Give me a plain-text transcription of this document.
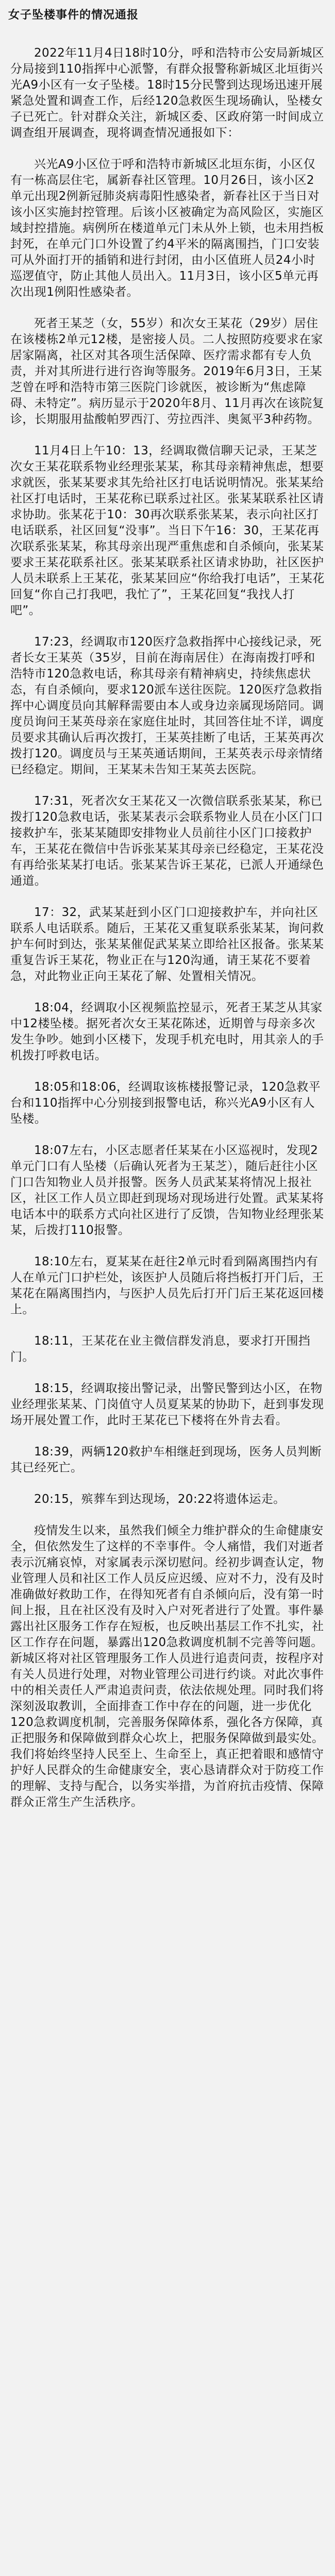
女子坠楼事件的情况通报

2022年11月4日18时10分，呼和浩特市公安局新城区分局接到110指挥中心派警，有群众报警称新城区北垣街兴光A9小区有一女子坠楼。18时15分民警到达现场迅速开展紧急处置和调查工作，后经120急救医生现场确认，坠楼女子已死亡。针对群众关注，新城区委、区政府第一时间成立调查组开展调查，现将调查情况通报如下：

兴光A9小区位于呼和浩特市新城区北垣东街，小区仅有一栋高层住宅，属新春社区管理。10月26日，该小区2单元出现2例新冠肺炎病毒阳性感染者，新春社区于当日对该小区实施封控管理。后该小区被确定为高风险区，实施区域封控措施。病例所在楼道单元门未从外上锁，也未用挡板封死，在单元门口外设置了约4平米的隔离围挡，门口安装可从外面打开的插销和进行封闭，由小区值班人员24小时巡逻值守，防止其他人员出入。11月3日，该小区5单元再次出现1例阳性感染者。

死者王某芝（女，55岁）和次女王某花（29岁）居住在该楼栋2单元12楼，是密接人员。二人按照防疫要求在家居家隔离，社区对其各项生活保障、医疗需求都有专人负责，并对其所进行进行咨询等服务。2019年6月3日，王某芝曾在呼和浩特市第三医院门诊就医，被诊断为“焦虑障碍、未特定”。病历显示于2020年8月、11月再次在该院复诊，长期服用盐酸帕罗西汀、劳拉西泮、奥氮平3种药物。

11月4日上午10：13，经调取微信聊天记录，王某芝次女王某花联系物业经理张某某，称其母亲精神焦虑，想要求就医，张某某要求其先给社区打电话说明情况。张某某给社区打电话时，王某花称已联系过社区。张某某联系社区请求协助。张某花于10：30再次联系张某某，表示向社区打电话联系，社区回复“没事”。当日下午16：30，王某花再次联系张某某，称其母亲出现严重焦虑和自杀倾向，张某某要求王某花联系社区。张某某联系社区请求协助，社区医护人员未联系上王某花，张某某回应“你给我打电话”，王某花回复“你自己打我吧，我忙了”，王某花回复“我找人打吧”。

17:23，经调取市120医疗急救指挥中心接线记录，死者长女王某英（35岁，目前在海南居住）在海南拨打呼和浩特市120急救电话，称其母亲有精神病史，持续焦虑状态，有自杀倾向，要求120派车送往医院。120医疗急救指挥中心调度员向其解释需要由本人或身边亲属现场陪同。调度员询问王某英母亲在家庭住址时，其回答住址不详，调度员要求其确认后再次拨打，王某英挂断了电话，王某英再次拨打120。调度员与王某英通话期间，王某英表示母亲情绪已经稳定。期间，王某某未告知王某英去医院。

17:31，死者次女王某花又一次微信联系张某某，称已拨打120急救电话，张某某表示会联系物业人员在小区门口接救护车，张某某随即安排物业人员前往小区门口接救护车，王某花在微信中告诉张某某其母亲已经稳定，王某花没有再给张某某打电话。张某某告诉王某花，已派人开通绿色通道。

17：32，武某某赶到小区门口迎接救护车，并向社区联系人电话联系。随后，王某花又重复联系张某某，询问救护车何时到达，张某某催促武某某立即给社区报备。张某某重复告诉王某花，物业正在与120沟通，请王某花不要着急，对此物业正向王某花了解、处置相关情况。

18:04，经调取小区视频监控显示，死者王某芝从其家中12楼坠楼。据死者次女王某花陈述，近期曾与母亲多次发生争吵。她到小区楼下，发现手机充电时，用其亲人的手机拨打呼救电话。

18:05和18:06，经调取该栋楼报警记录，120急救平台和110指挥中心分别接到报警电话，称兴光A9小区有人坠楼。

18:07左右，小区志愿者任某某在小区巡视时，发现2单元门口有人坠楼（后确认死者为王某芝），随后赶往小区门口告知物业人员并报警。医务人员武某某将情况上报社区，社区工作人员立即赶到现场对现场进行处置。武某某将电话本中的联系方式向社区进行了反馈，告知物业经理张某某，后拨打110报警。

18:10左右，夏某某在赶往2单元时看到隔离围挡内有人在单元门口护栏处，该医护人员随后将挡板打开门后，王某花在隔离围挡内，与医护人员先后打开门后王某花返回楼上。

18:11，王某花在业主微信群发消息，要求打开围挡门。

18:15，经调取接出警记录，出警民警到达小区，在物业经理张某某、门岗值守人员夏某某的协助下，赶到事发现场开展处置工作，此时王某花已下楼将在外肯去看。

18:39，两辆120救护车相继赶到现场，医务人员判断其已经死亡。

20:15，殡葬车到达现场，20:22将遗体运走。

疫情发生以来，虽然我们倾全力维护群众的生命健康安全，但依然发生了这样的不幸事件。令人痛惜，我们对逝者表示沉痛哀悼，对家属表示深切慰问。经初步调查认定，物业管理人员和社区工作人员反应迟缓、应对不力，没有及时准确做好救助工作，在得知死者有自杀倾向后，没有第一时间上报，且在社区没有及时入户对死者进行了处置。事件暴露出社区服务工作存在短板，也反映出基层工作不扎实，社区工作存在问题，暴露出120急救调度机制不完善等问题。新城区将对社区管理服务工作人员进行追责问责，按程序对有关人员进行处理，对物业管理公司进行约谈。对此次事件中的相关责任人严肃追责问责，依法依规处理。同时我们将深刻汲取教训，全面排查工作中存在的问题，进一步优化120急救调度机制，完善服务保障体系，强化各方保障，真正把服务和保障做到群众心坎上，把服务保障做到最实处。我们将始终坚持人民至上、生命至上，真正把着眼和感情守护好人民群众的生命健康安全，衷心恳请群众对于防疫工作的理解、支持与配合，以务实举措，为首府抗击疫情、保障群众正常生产生活秩序。
